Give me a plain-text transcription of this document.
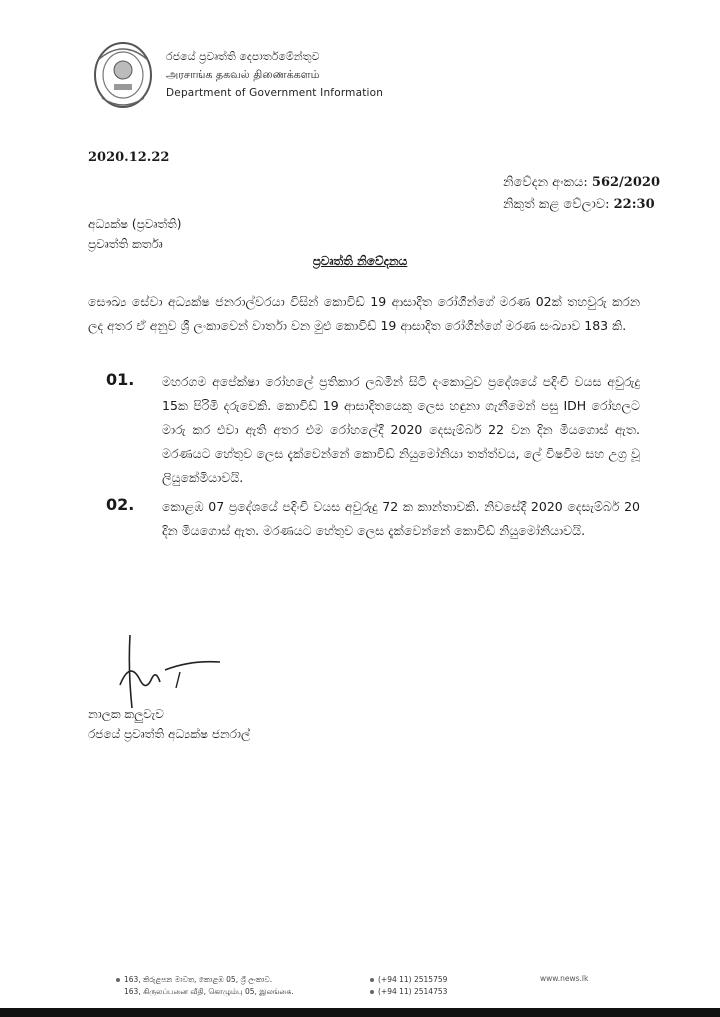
රජයේ ප්‍රවෘත්ති දෙපාර්තමේන්තුව
அரசாங்க தகவல் திணைக்களம்
Department of Government Information
2020.12.22
නිවේදන අංකය: 562/2020
නිකුත් කළ වේලාව: 22:30
අධ්‍යක්ෂ (ප්‍රවෘත්ති)
ප්‍රවෘත්ති කර්තෘ
ප්‍රවෘත්ති නිවේදනය
සෞඛ්‍ය සේවා අධ්‍යක්ෂ ජනරාල්වරයා විසින් කොවිඩ් 19 ආසාදිත රෝගීන්ගේ මරණ 02ක් තහවුරු කරන ලද අතර ඒ අනුව ශ්‍රී ලංකාවෙන් වාර්තා වන මුළු කොවිඩ් 19 ආසාදිත රෝගීන්ගේ මරණ සංඛ්‍යාව 183 කි.
01. මහරගම අපේක්ෂා රෝහලේ ප්‍රතිකාර ලබමින් සිටි දංකොටුව ප්‍රදේශයේ පදිංචි වයස අවුරුදු 15ක පිරිමි දරුවෙකි. කොවිඩ් 19 ආසාදිතයෙකු ලෙස හඳුනා ගැනීමෙන් පසු IDH රෝහලට මාරු කර එවා ඇති අතර එම රෝහලේදී 2020 දෙසැම්බර් 22 වන දින මියගොස් ඇත. මරණයට හේතුව ලෙස දැක්වෙන්නේ කොවිඩ් නියුමෝනියා තත්ත්වය, ලේ විෂවීම සහ උග්‍ර වූ ලියුකේමියාවයි.
02. කොළඹ 07 ප්‍රදේශයේ පදිංචි වයස අවුරුදු 72 ක කාන්තාවකි. නිවසේදී 2020 දෙසැම්බර් 20 දින මියගොස් ඇත. මරණයට හේතුව ලෙස දැක්වෙන්නේ කොවිඩ් නියුමෝනියාවයි.
නාලක කලුවැව
රජයේ ප්‍රවෘත්ති අධ්‍යක්ෂ ජනරාල්
163, කිරුළපන මාවත, කොළඹ 05, ශ්‍රී ලංකාව.
163, கிருலப்பனை வீதி, கொழும்பு 05, இலங்கை.
(+94 11) 2515759
(+94 11) 2514753
www.news.lk
